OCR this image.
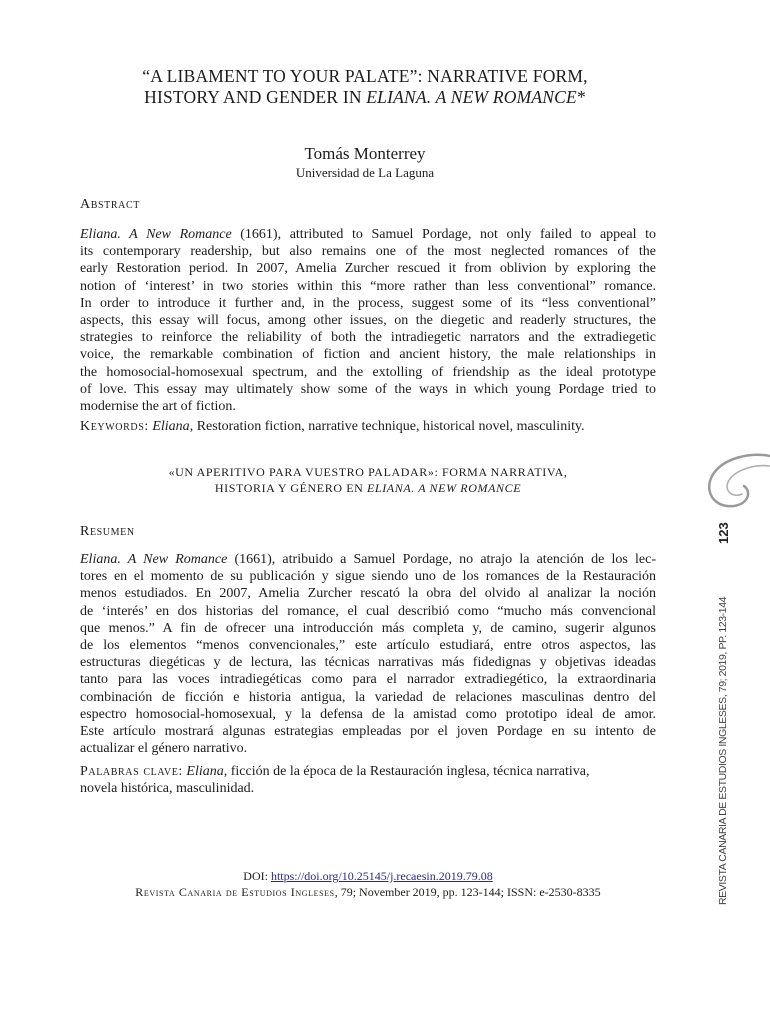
“A LIBAMENT TO YOUR PALATE”: NARRATIVE FORM,
HISTORY AND GENDER IN ELIANA. A NEW ROMANCE*
Tomás Monterrey
Universidad de La Laguna
Abstract
Eliana. A New Romance (1661), attributed to Samuel Pordage, not only failed to appeal to
its contemporary readership, but also remains one of the most neglected romances of the
early Restoration period. In 2007, Amelia Zurcher rescued it from oblivion by exploring the
notion of ‘interest’ in two stories within this “more rather than less conventional” romance.
In order to introduce it further and, in the process, suggest some of its “less conventional”
aspects, this essay will focus, among other issues, on the diegetic and readerly structures, the
strategies to reinforce the reliability of both the intradiegetic narrators and the extradiegetic
voice, the remarkable combination of fiction and ancient history, the male relationships in
the homosocial-homosexual spectrum, and the extolling of friendship as the ideal prototype
of love. This essay may ultimately show some of the ways in which young Pordage tried to
modernise the art of fiction.

Keywords: Eliana, Restoration fiction, narrative technique, historical novel, masculinity.

«UN APERITIVO PARA VUESTRO PALADAR»: FORMA NARRATIVA,
HISTORIA Y GÉNERO EN ELIANA. A NEW ROMANCE
Resumen
Eliana. A New Romance (1661), atribuido a Samuel Pordage, no atrajo la atención de los lec-
tores en el momento de su publicación y sigue siendo uno de los romances de la Restauración
menos estudiados. En 2007, Amelia Zurcher rescató la obra del olvido al analizar la noción
de ‘interés’ en dos historias del romance, el cual describió como “mucho más convencional
que menos.” A fin de ofrecer una introducción más completa y, de camino, sugerir algunos
de los elementos “menos convencionales,” este artículo estudiará, entre otros aspectos, las
estructuras diegéticas y de lectura, las técnicas narrativas más fidedignas y objetivas ideadas
tanto para las voces intradiegéticas como para el narrador extradiegético, la extraordinaria
combinación de ficción e historia antigua, la variedad de relaciones masculinas dentro del
espectro homosocial-homosexual, y la defensa de la amistad como prototipo ideal de amor.
Este artículo mostrará algunas estrategias empleadas por el joven Pordage en su intento de
actualizar el género narrativo.

Palabras clave: Eliana, ficción de la época de la Restauración inglesa, técnica narrativa,
novela histórica, masculinidad.

DOI: https://doi.org/10.25145/j.recaesin.2019.79.08
Revista Canaria de Estudios Ingleses, 79; November 2019, pp. 123-144; ISSN: e-2530-8335
123
REVISTA CANARIA DE ESTUDIOS INGLESES, 79; 2019, PP. 123-144
